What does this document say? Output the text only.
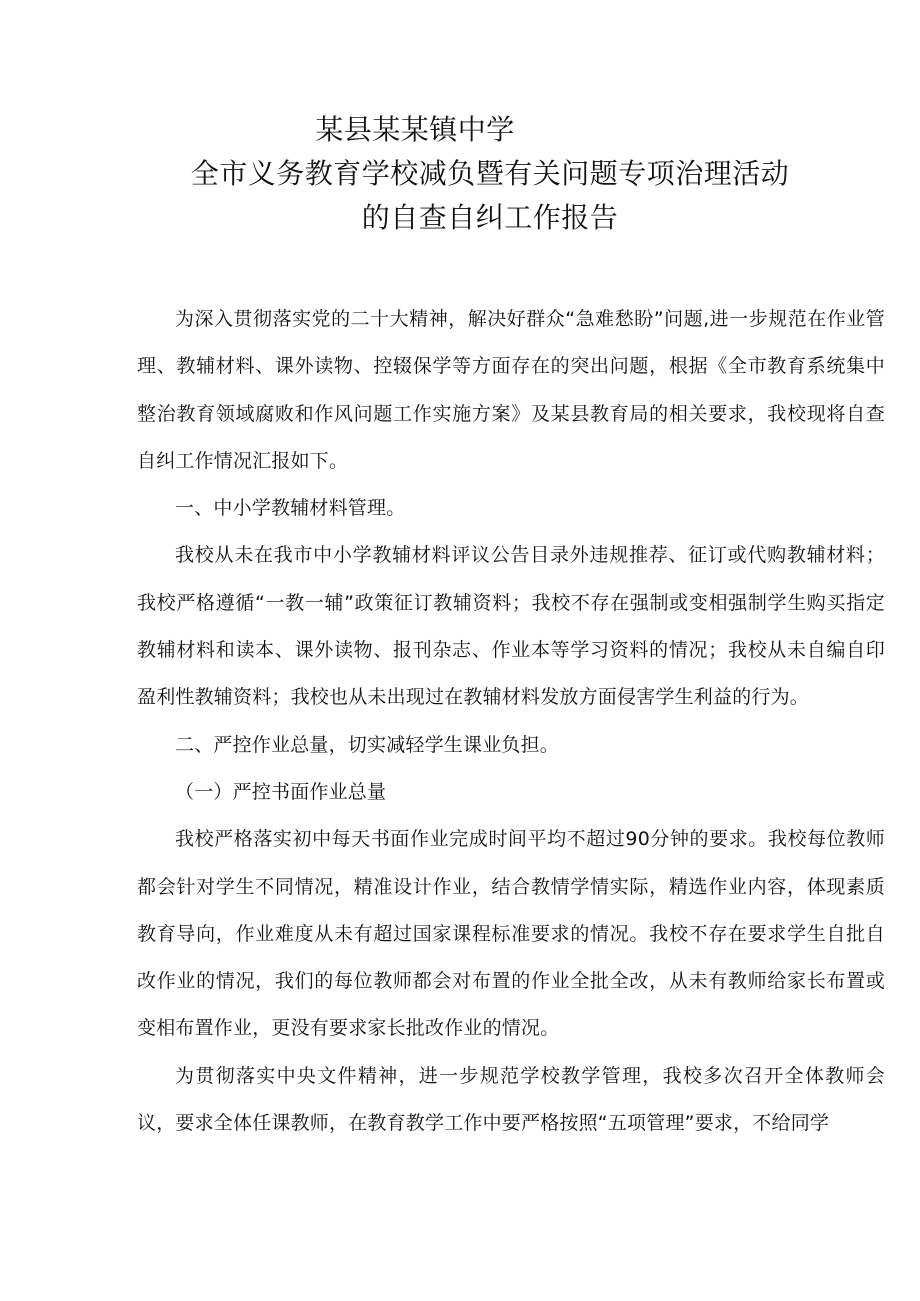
某县某某镇中学
全市义务教育学校减负暨有关问题专项治理活动
的自查自纠工作报告

为深入贯彻落实党的二十大精神，解决好群众“急难愁盼”问题,进一步规范在作业管理、教辅材料、课外读物、控辍保学等方面存在的突出问题，根据《全市教育系统集中整治教育领域腐败和作风问题工作实施方案》及某县教育局的相关要求，我校现将自查自纠工作情况汇报如下。

一、中小学教辅材料管理。

我校从未在我市中小学教辅材料评议公告目录外违规推荐、征订或代购教辅材料；我校严格遵循“一教一辅”政策征订教辅资料；我校不存在强制或变相强制学生购买指定教辅材料和读本、课外读物、报刊杂志、作业本等学习资料的情况；我校从未自编自印盈利性教辅资料；我校也从未出现过在教辅材料发放方面侵害学生利益的行为。

二、严控作业总量，切实减轻学生课业负担。

（一）严控书面作业总量

我校严格落实初中每天书面作业完成时间平均不超过90分钟的要求。我校每位教师都会针对学生不同情况，精准设计作业，结合教情学情实际，精选作业内容，体现素质教育导向，作业难度从未有超过国家课程标准要求的情况。我校不存在要求学生自批自改作业的情况，我们的每位教师都会对布置的作业全批全改，从未有教师给家长布置或变相布置作业，更没有要求家长批改作业的情况。

为贯彻落实中央文件精神，进一步规范学校教学管理，我校多次召开全体教师会议，要求全体任课教师，在教育教学工作中要严格按照“五项管理”要求，不给同学
